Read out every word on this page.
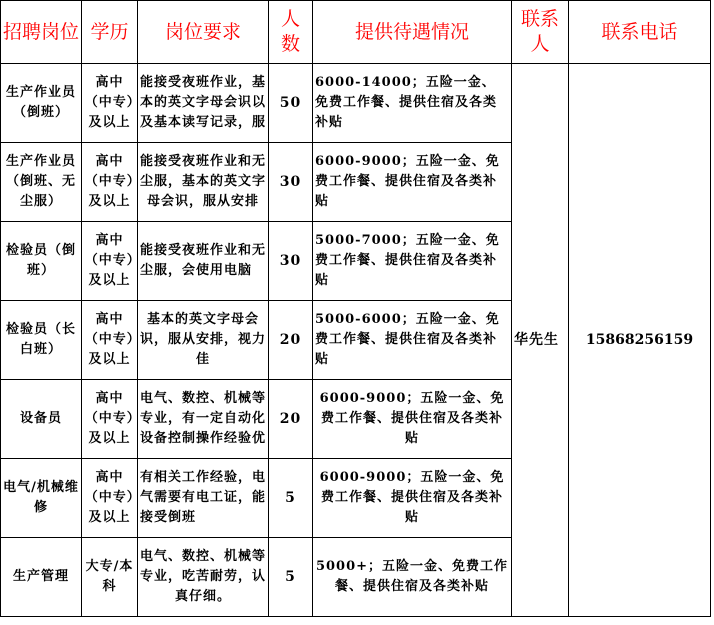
招聘岗位	学历	岗位要求	人数	提供待遇情况	联系人	联系电话
生产作业员（倒班）	高中（中专）及以上	能接受夜班作业，基本的英文字母会识以及基本读写记录，服	50	6000-14000；五险一金、免费工作餐、提供住宿及各类补贴	华先生	15868256159
生产作业员（倒班、无尘服）	高中（中专）及以上	能接受夜班作业和无尘服，基本的英文字母会识，服从安排	30	6000-9000；五险一金、免费工作餐、提供住宿及各类补贴		
检验员（倒班）	高中（中专）及以上	能接受夜班作业和无尘服，会使用电脑	30	5000-7000；五险一金、免费工作餐、提供住宿及各类补贴		
检验员（长白班）	高中（中专）及以上	基本的英文字母会识，服从安排，视力佳	20	5000-6000；五险一金、免费工作餐、提供住宿及各类补贴		
设备员	高中（中专）及以上	电气、数控、机械等专业，有一定自动化设备控制操作经验优	20	6000-9000；五险一金、免费工作餐、提供住宿及各类补贴		
电气/机械维修	高中（中专）及以上	有相关工作经验，电气需要有电工证，能接受倒班	5	6000-9000；五险一金、免费工作餐、提供住宿及各类补贴		
生产管理	大专/本科	电气、数控、机械等专业，吃苦耐劳，认真仔细。	5	5000+；五险一金、免费工作餐、提供住宿及各类补贴		
